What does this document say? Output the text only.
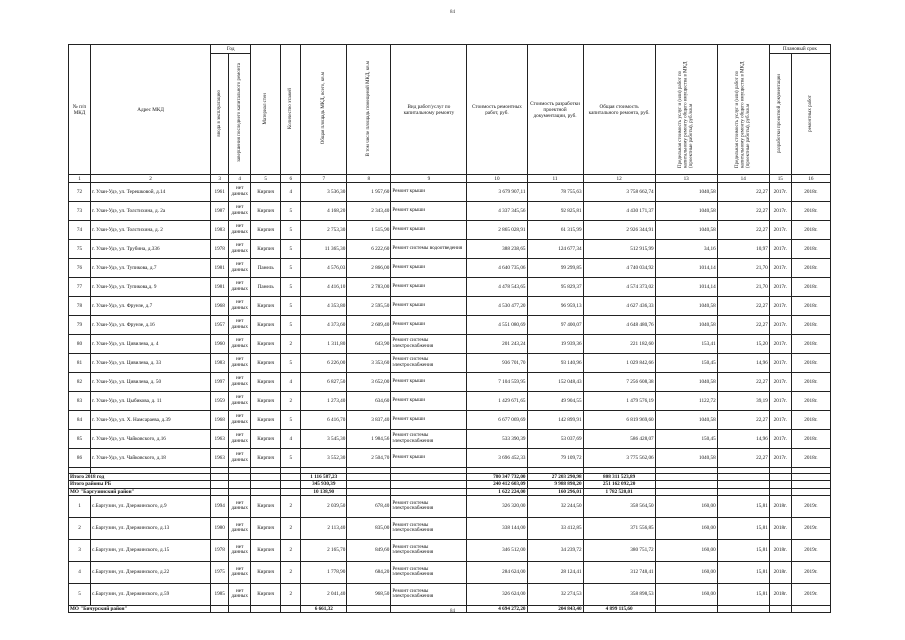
84
№ п/п МКД	Адрес МКД	Год		Материал стен	Количество этажей	Общая площадь МКД, всего, кв.м	В том числе площадь помещений МКД, кв.м	Вид работ/услуг по капитальному ремонту	Стоимость ремонтных работ, руб.	Стоимость разработки проектной документации, руб.	Общая стоимость капитального ремонта, руб.	Предельная стоимость услуг и (или) работ по капитальному ремонту общего имущества в МКД (проектные работы), руб./кв.м	Предельная стоимость услуг и (или) работ по капитальному ремонту общего имущества в МКД (проектные работы), руб./кв.м	Плановый срок	
		ввода в эксплуатацию	завершения последнего капитального ремонта											разработки проектной документации	ремонтных работ
1	2	3	4	5	6	7	8	9	10	11	12	13	14	15	16
72	г. Улан-Удэ, ул. Терешковой, д.14	1961	нет данных	Кирпич	4	3 536,30	1 957,60	Ремонт крыши	3 679 907,11	78 755,63	3 758 662,74	1040,58	22,27	2017г.	2018г.
73	г. Улан-Удэ, ул. Толстихина, д. 2а	1987	нет данных	Кирпич	5	4 168,20	2 343,40	Ремонт крыши	4 337 345,56	92 825,81	4 430 171,37	1040,58	22,27	2017г.	2018г.
74	г. Улан-Удэ, ул. Толстихина, д. 2	1983	нет данных	Кирпич	5	2 753,30	1 515,90	Ремонт крыши	2 865 028,91	61 315,99	2 926 344,91	1040,58	22,27	2017г.	2018г.
75	г. Улан-Удэ, ул. Трубина, д.336	1978	нет данных	Кирпич	5	11 365,30	6 222,60	Ремонт системы водоотведения	388 238,65	124 677,34	512 915,99	34,16	10,97	2017г.	2018г.
76	г. Улан-Удэ, ул. Тупикова, д.7	1981	нет данных	Панель	5	4 576,03	2 866,00	Ремонт крыши	4 640 735,06	99 299,85	4 740 034,92	1014,14	21,70	2017г.	2018г.
77	г. Улан-Удэ, ул. Тупикова,д. 9	1981	нет данных	Панель	5	4 416,10	2 783,00	Ремонт крыши	4 478 543,65	95 829,37	4 574 373,02	1014,14	21,70	2017г.	2018г.
78	г. Улан-Удэ, ул. Фрунзе, д.7	1968	нет данных	Кирпич	5	4 353,80	2 595,50	Ремонт крыши	4 530 477,20	96 959,13	4 627 436,33	1040,58	22,27	2017г.	2018г.
79	г. Улан-Удэ, ул. Фрунзе, д.16	1957	нет данных	Кирпич	5	4 373,60	2 609,40	Ремонт крыши	4 551 080,69	97 400,07	4 648 480,76	1040,58	22,27	2017г.	2018г.
80	г. Улан-Удэ, ул. Цивилева, д. 4	1960	нет данных	Кирпич	2	1 311,80	643,90	Ремонт системы электроснабжения	201 243,24	19 939,36	221 182,60	153,41	15,20	2017г.	2018г.
81	г. Улан-Удэ, ул. Цивилева, д. 33	1983	нет данных	Кирпич	5	6 226,00	3 353,60	Ремонт системы электроснабжения	936 701,70	93 140,96	1 029 842,66	150,45	14,96	2017г.	2018г.
82	г. Улан-Удэ, ул. Цивилева, д. 50	1997	нет данных	Кирпич	4	6 827,50	3 652,00	Ремонт крыши	7 104 559,95	152 048,43	7 256 608,38	1040,58	22,27	2017г.	2018г.
83	г. Улан-Удэ, ул. Цыбикова, д. 11	1959	нет данных	Кирпич	2	1 273,40	634,60	Ремонт крыши	1 429 671,65	49 904,55	1 479 576,19	1122,72	39,19	2017г.	2018г.
84	г. Улан-Удэ, ул. Х. Намсараева, д.39	1968	нет данных	Кирпич	5	6 416,70	3 837,40	Ремонт крыши	6 677 069,69	142 899,91	6 819 969,60	1040,58	22,27	2017г.	2018г.
85	г. Улан-Удэ, ул. Чайковского, д.16	1963	нет данных	Кирпич	4	3 545,30	1 984,56	Ремонт системы электроснабжения	533 390,39	53 037,69	586 428,07	150,45	14,96	2017г.	2018г.
86	г. Улан-Удэ, ул. Чайковского, д.18	1963	нет данных	Кирпич	5	3 552,30	2 504,70	Ремонт крыши	3 696 452,33	79 109,72	3 775 562,06	1040,58	22,27	2017г.	2018г.

Итого 2018 год						1 116 587,23			780 347 732,00	27 203 290,98	808 311 523,89				
Итого районы РБ						345 930,39			240 412 603,09	9 988 898,20	251 162 092,20				
МО "Баргузинский район"						10 138,90			1 622 224,00	160 296,01	1 782 520,01				
1	с.Баргузин, ул. Дзержинского, д.9	1994	нет данных	Кирпич	2	2 039,50	678,40	Ремонт системы электроснабжения	326 320,00	32 244,50	358 564,50	160,00	15,81	2018г.	2019г.
2	с.Баргузин, ул. Дзержинского, д.13	1980	нет данных	Кирпич	2	2 113,40	835,00	Ремонт системы электроснабжения	338 144,00	33 412,85	371 556,85	160,00	15,81	2018г.	2019г.
3	с.Баргузин, ул. Дзержинского, д.15	1978	нет данных	Кирпич	2	2 165,70	849,60	Ремонт системы электроснабжения	346 512,00	34 239,72	380 751,72	160,00	15,81	2018г.	2019г.
4	с.Баргузин, ул. Дзержинского, д.22	1975	нет данных	Кирпич	2	1 778,90	684,20	Ремонт системы электроснабжения	284 624,00	28 124,41	312 748,41	160,00	15,81	2018г.	2019г.
5	с.Баргузин, ул. Дзержинского, д.59	1985	нет данных	Кирпич	2	2 041,40	968,50	Ремонт системы электроснабжения	326 624,00	32 274,53	358 898,53	160,00	15,81	2018г.	2019г.
МО "Бичурский район"						6 661,32			4 694 272,20	204 843,40	4 899 115,60				
84
